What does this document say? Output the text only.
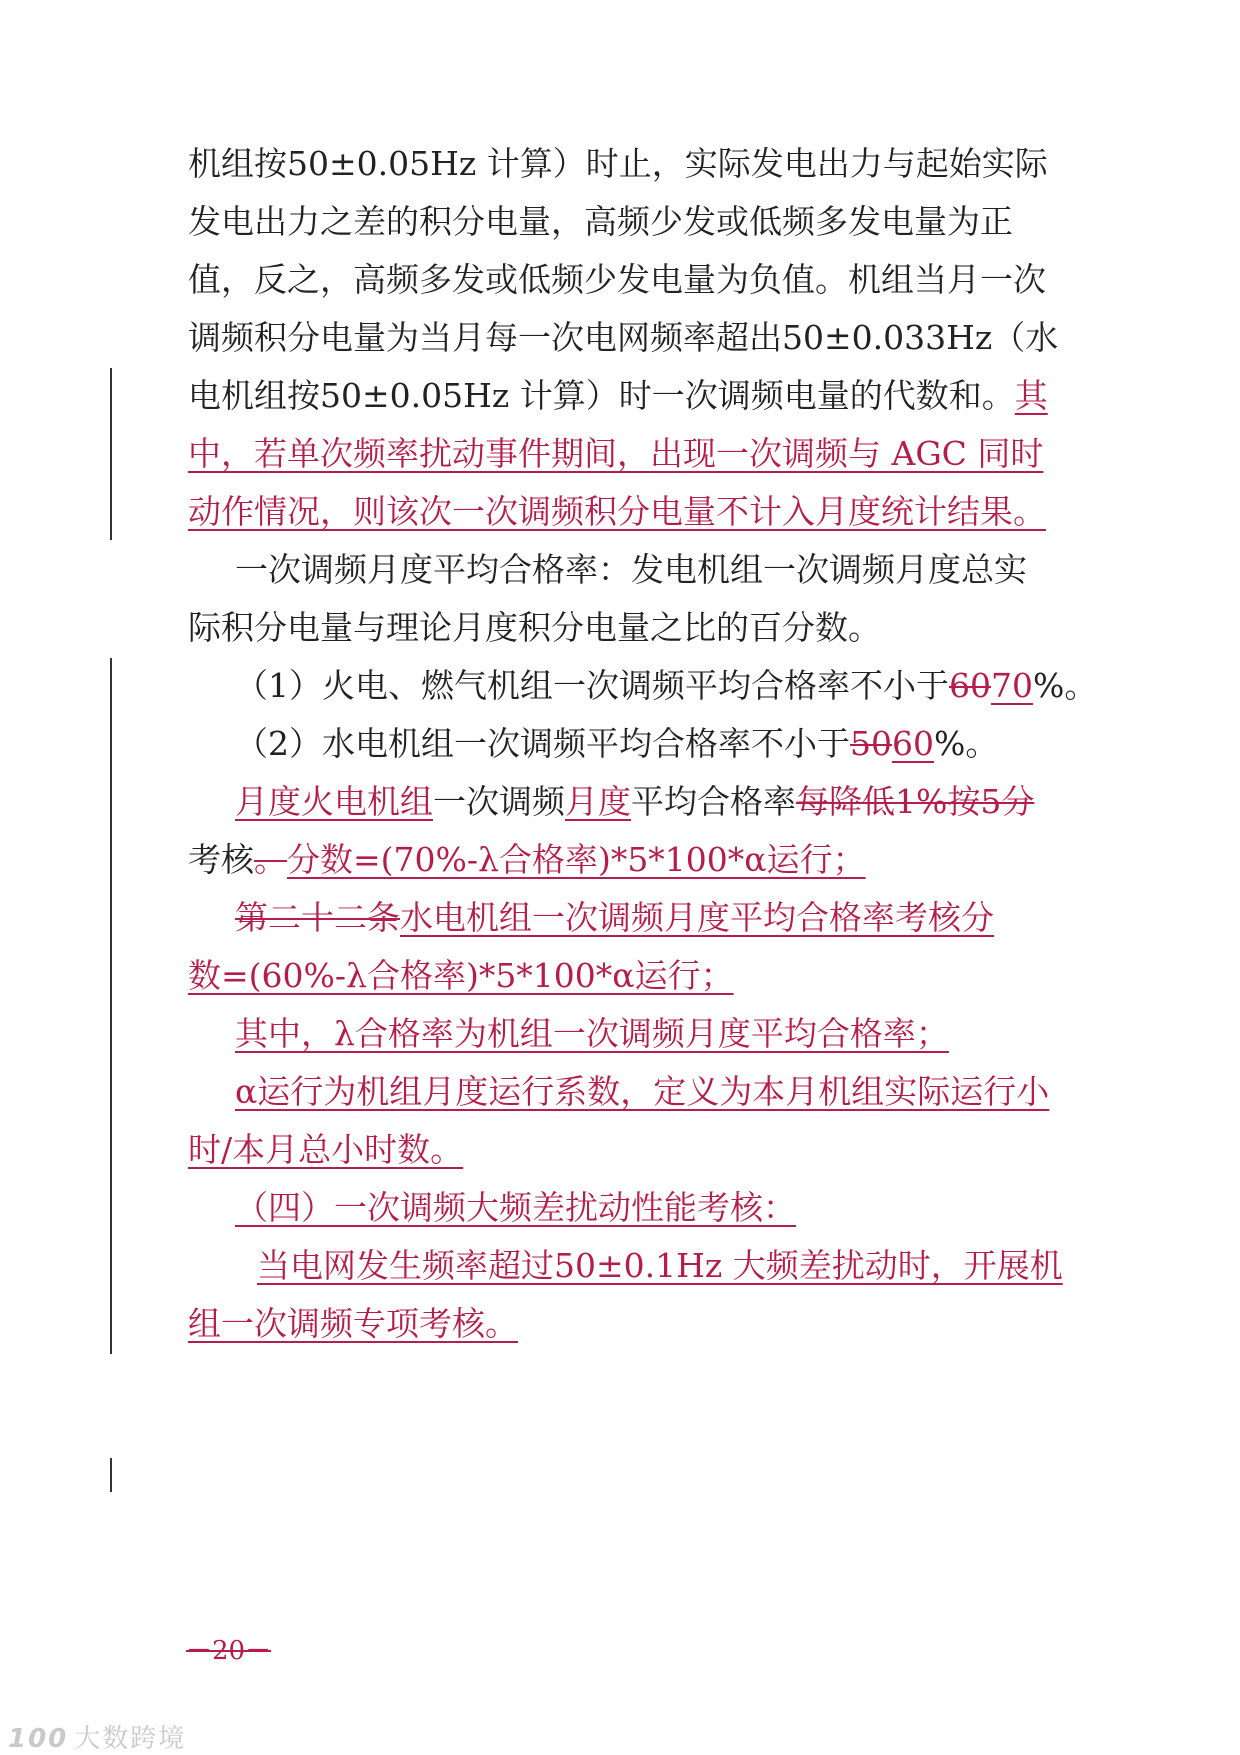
机组按50±0.05Hz 计算）时止，实际发电出力与起始实际
发电出力之差的积分电量，高频少发或低频多发电量为正
值，反之，高频多发或低频少发电量为负值。机组当月一次
调频积分电量为当月每一次电网频率超出50±0.033Hz（水
电机组按50±0.05Hz 计算）时一次调频电量的代数和。其
中，若单次频率扰动事件期间，出现一次调频与 AGC 同时
动作情况，则该次一次调频积分电量不计入月度统计结果。
一次调频月度平均合格率：发电机组一次调频月度总实
际积分电量与理论月度积分电量之比的百分数。
（1）火电、燃气机组一次调频平均合格率不小于6070%。
（2）水电机组一次调频平均合格率不小于5060%。
月度火电机组一次调频月度平均合格率每降低1%按5分
考核。分数=(70%-λ合格率)*5*100*α运行；
第二十二条水电机组一次调频月度平均合格率考核分
数=(60%-λ合格率)*5*100*α运行；
其中，λ合格率为机组一次调频月度平均合格率；
α运行为机组月度运行系数，定义为本月机组实际运行小
时/本月总小时数。
（四）一次调频大频差扰动性能考核：
当电网发生频率超过50±0.1Hz 大频差扰动时，开展机
组一次调频专项考核。
－20－
100 大数跨境
